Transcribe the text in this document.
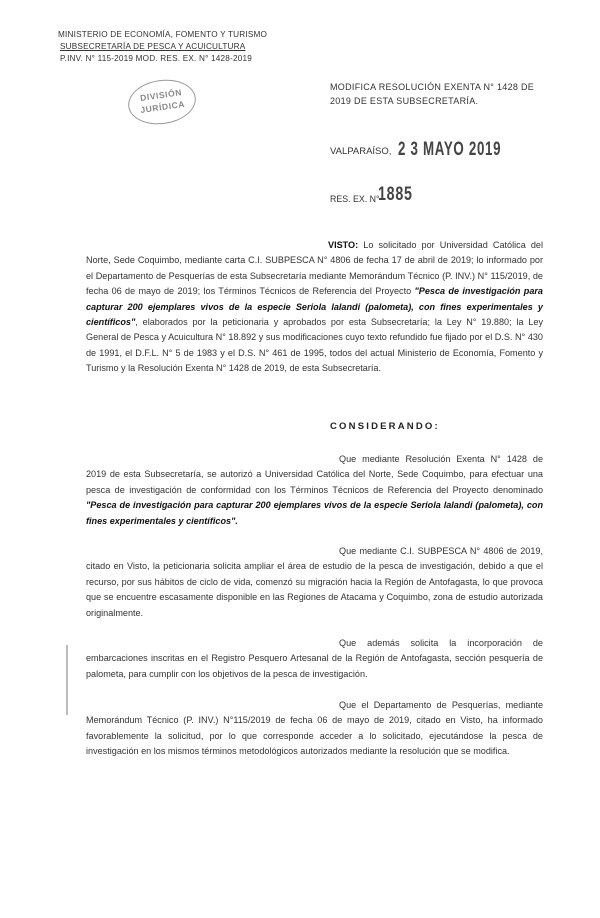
MINISTERIO DE ECONOMÍA, FOMENTO Y TURISMO
SUBSECRETARÍA DE PESCA Y ACUICULTURA
P.INV. N° 115-2019 MOD. RES. EX. N° 1428-2019
DIVISIÓN
JURÍDICA
MODIFICA RESOLUCIÓN EXENTA N° 1428 DE 2019 DE ESTA SUBSECRETARÍA.
VALPARAÍSO, 2 3 MAYO 2019
RES. EX. N°
1885
VISTO: Lo solicitado por Universidad Católica del Norte, Sede Coquimbo, mediante carta C.I. SUBPESCA N° 4806 de fecha 17 de abril de 2019; lo informado por el Departamento de Pesquerías de esta Subsecretaría mediante Memorándum Técnico (P. INV.) N° 115/2019, de fecha 06 de mayo de 2019; los Términos Técnicos de Referencia del Proyecto "Pesca de investigación para capturar 200 ejemplares vivos de la especie Seriola lalandi (palometa), con fines experimentales y científicos", elaborados por la peticionaria y aprobados por esta Subsecretaría; la Ley N° 19.880; la Ley General de Pesca y Acuicultura N° 18.892 y sus modificaciones cuyo texto refundido fue fijado por el D.S. N° 430 de 1991, el D.F.L. N° 5 de 1983 y el D.S. N° 461 de 1995, todos del actual Ministerio de Economía, Fomento y Turismo y la Resolución Exenta N° 1428 de 2019, de esta Subsecretaría.
CONSIDERANDO:
Que mediante Resolución Exenta N° 1428 de 2019 de esta Subsecretaría, se autorizó a Universidad Católica del Norte, Sede Coquimbo, para efectuar una pesca de investigación de conformidad con los Términos Técnicos de Referencia del Proyecto denominado "Pesca de investigación para capturar 200 ejemplares vivos de la especie Seriola lalandi (palometa), con fines experimentales y científicos".
Que mediante C.I. SUBPESCA N° 4806 de 2019, citado en Visto, la peticionaria solicita ampliar el área de estudio de la pesca de investigación, debido a que el recurso, por sus hábitos de ciclo de vida, comenzó su migración hacia la Región de Antofagasta, lo que provoca que se encuentre escasamente disponible en las Regiones de Atacama y Coquimbo, zona de estudio autorizada originalmente.
Que además solicita la incorporación de embarcaciones inscritas en el Registro Pesquero Artesanal de la Región de Antofagasta, sección pesquería de palometa, para cumplir con los objetivos de la pesca de investigación.
Que el Departamento de Pesquerías, mediante Memorándum Técnico (P. INV.) N°115/2019 de fecha 06 de mayo de 2019, citado en Visto, ha informado favorablemente la solicitud, por lo que corresponde acceder a lo solicitado, ejecutándose la pesca de investigación en los mismos términos metodológicos autorizados mediante la resolución que se modifica.
